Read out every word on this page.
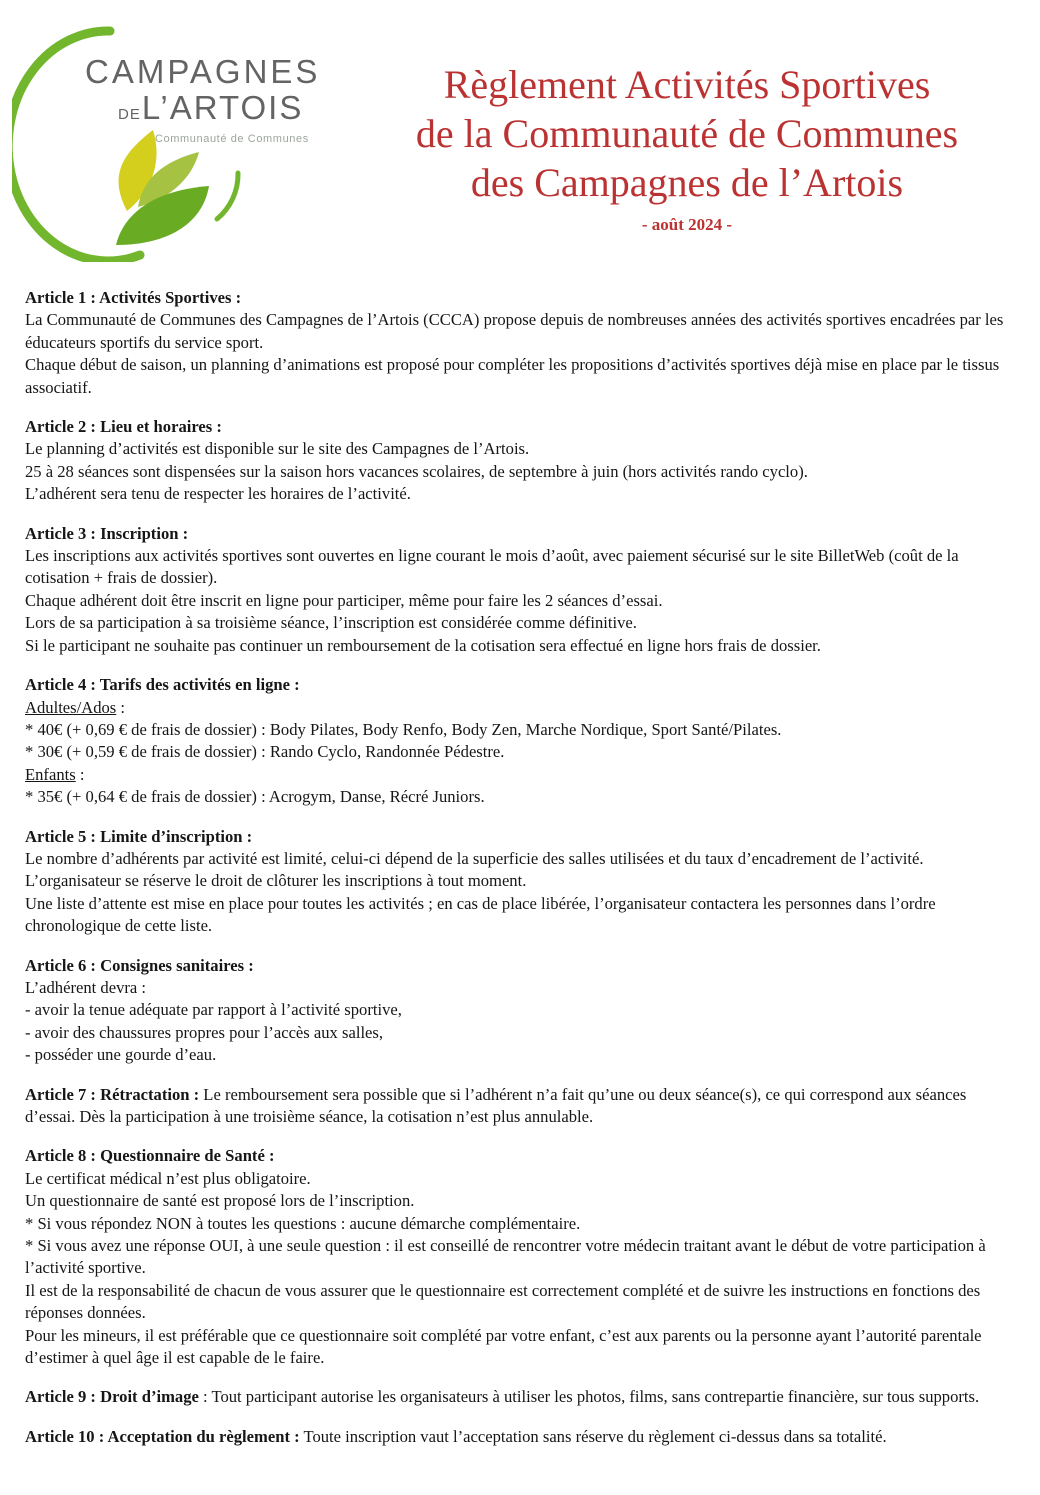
CAMPAGNES
DEL’ARTOIS
Communauté de Communes
Règlement Activités Sportives
de la Communauté de Communes
des Campagnes de l’Artois
- août 2024 -

Article 1 : Activités Sportives :

La Communauté de Communes des Campagnes de l’Artois (CCCA) propose depuis de nombreuses années des activités sportives encadrées par les éducateurs sportifs du service sport.

Chaque début de saison, un planning d’animations est proposé pour compléter les propositions d’activités sportives déjà mise en place par le tissus associatif.

Article 2 : Lieu et horaires :

Le planning d’activités est disponible sur le site des Campagnes de l’Artois.

25 à 28 séances sont dispensées sur la saison hors vacances scolaires, de septembre à juin (hors activités rando cyclo).

L’adhérent sera tenu de respecter les horaires de l’activité.

Article 3 : Inscription :

Les inscriptions aux activités sportives sont ouvertes en ligne courant le mois d’août, avec paiement sécurisé sur le site BilletWeb (coût de la cotisation + frais de dossier).

Chaque adhérent doit être inscrit en ligne pour participer, même pour faire les 2 séances d’essai.

Lors de sa participation à sa troisième séance, l’inscription est considérée comme définitive.

Si le participant ne souhaite pas continuer un remboursement de la cotisation sera effectué en ligne hors frais de dossier.

Article 4 : Tarifs des activités en ligne :

Adultes/Ados :

* 40€ (+ 0,69 € de frais de dossier) : Body Pilates, Body Renfo, Body Zen, Marche Nordique, Sport Santé/Pilates.

* 30€ (+ 0,59 € de frais de dossier) : Rando Cyclo, Randonnée Pédestre.

Enfants :

* 35€ (+ 0,64 € de frais de dossier) : Acrogym, Danse, Récré Juniors.

Article 5 : Limite d’inscription :

Le nombre d’adhérents par activité est limité, celui-ci dépend de la superficie des salles utilisées et du taux d’encadrement de l’activité.

L’organisateur se réserve le droit de clôturer les inscriptions à tout moment.

Une liste d’attente est mise en place pour toutes les activités ; en cas de place libérée, l’organisateur contactera les personnes dans l’ordre chronologique de cette liste.

Article 6 : Consignes sanitaires :

L’adhérent devra :

- avoir la tenue adéquate par rapport à l’activité sportive,

- avoir des chaussures propres pour l’accès aux salles,

- posséder une gourde d’eau.

Article 7 : Rétractation : Le remboursement sera possible que si l’adhérent n’a fait qu’une ou deux séance(s), ce qui correspond aux séances d’essai. Dès la participation à une troisième séance, la cotisation n’est plus annulable.

Article 8 : Questionnaire de Santé :

Le certificat médical n’est plus obligatoire.

Un questionnaire de santé est proposé lors de l’inscription.

* Si vous répondez NON à toutes les questions : aucune démarche complémentaire.

* Si vous avez une réponse OUI, à une seule question : il est conseillé de rencontrer votre médecin traitant avant le début de votre participation à l’activité sportive.

Il est de la responsabilité de chacun de vous assurer que le questionnaire est correctement complété et de suivre les instructions en fonctions des réponses données.

Pour les mineurs, il est préférable que ce questionnaire soit complété par votre enfant, c’est aux parents ou la personne ayant l’autorité parentale d’estimer à quel âge il est capable de le faire.

Article 9 : Droit d’image : Tout participant autorise les organisateurs à utiliser les photos, films, sans contrepartie financière, sur tous supports.

Article 10 : Acceptation du règlement : Toute inscription vaut l’acceptation sans réserve du règlement ci-dessus dans sa totalité.
